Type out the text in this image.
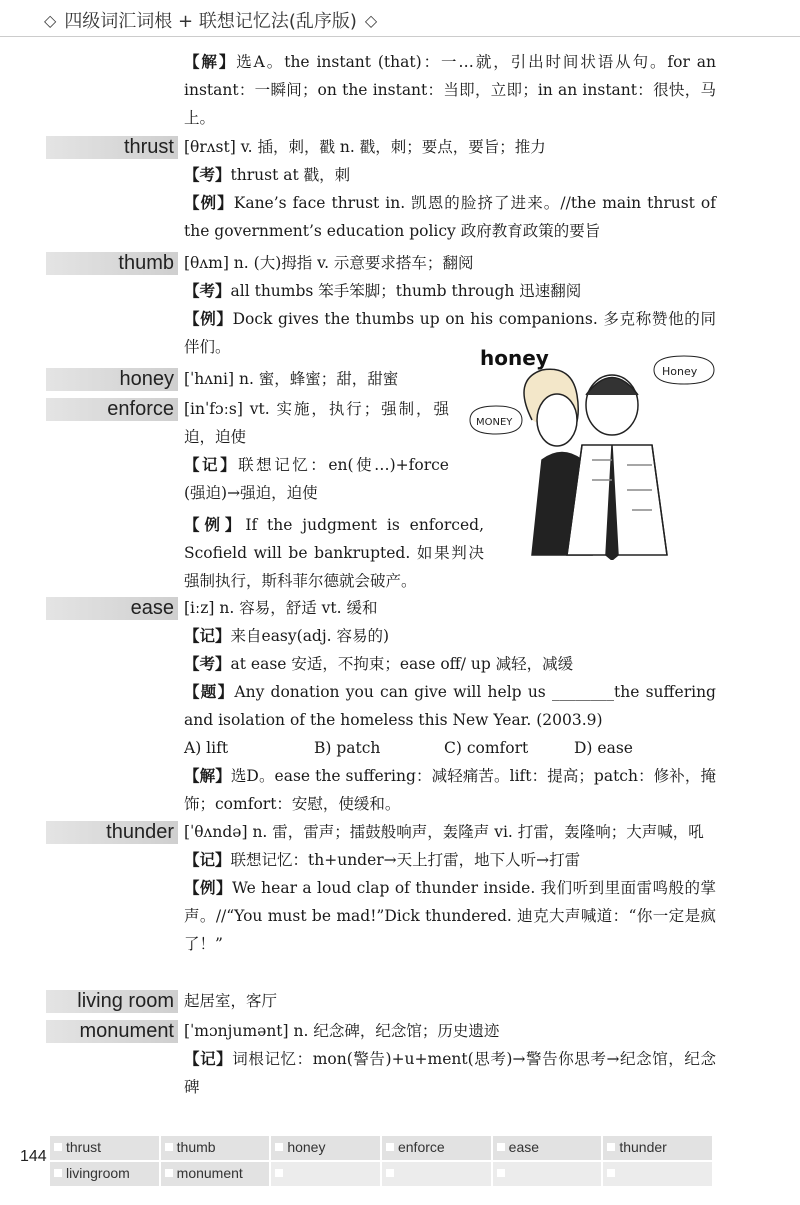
◇ 四级词汇词根 + 联想记忆法(乱序版) ◇
【解】选A。the instant (that)：一…就，引出时间状语从句。for an instant：一瞬间；on the instant：当即，立即；in an instant：很快，马上。
thrust [θrʌst] v. 插，刺，戳 n. 戳，刺；要点，要旨；推力
【考】thrust at 戳，刺
【例】Kane’s face thrust in. 凯恩的脸挤了进来。//the main thrust of the government’s education policy 政府教育政策的要旨
thumb [θʌm] n. (大)拇指 v. 示意要求搭车；翻阅
【考】all thumbs 笨手笨脚；thumb through 迅速翻阅
【例】Dock gives the thumbs up on his companions. 多克称赞他的同伴们。
honey [ˈhʌni] n. 蜜，蜂蜜；甜，甜蜜
enforce [inˈfɔːs] vt. 实施，执行；强制，强迫，迫使
【记】联想记忆：en(使…)+force (强迫)→强迫，迫使
【例】If the judgment is enforced, Scofield will be bankrupted. 如果判决强制执行，斯科菲尔德就会破产。
honey
MONEY
Honey
ease [iːz] n. 容易，舒适 vt. 缓和
【记】来自easy(adj. 容易的)
【考】at ease 安适，不拘束；ease off/ up 减轻，减缓
【题】Any donation you can give will help us ________the suffering and isolation of the homeless this New Year. (2003.9)
A) lift	B) patch	C) comfort	D) ease
【解】选D。ease the suffering：减轻痛苦。lift：提高；patch：修补，掩饰；comfort：安慰，使缓和。
thunder [ˈθʌndə] n. 雷，雷声；擂鼓般响声，轰隆声 vi. 打雷，轰隆响；大声喊，吼
【记】联想记忆：th+under→天上打雷，地下人听→打雷
【例】We hear a loud clap of thunder inside. 我们听到里面雷鸣般的掌声。//“You must be mad!”Dick thundered. 迪克大声喊道：“你一定是疯了！”
living room 起居室，客厅
monument [ˈmɔnjumənt] n. 纪念碑，纪念馆；历史遗迹
【记】词根记忆：mon(警告)+u+ment(思考)→警告你思考→纪念馆，纪念碑
144
thrust	thumb	honey	enforce	ease	thunder
livingroom	monument
